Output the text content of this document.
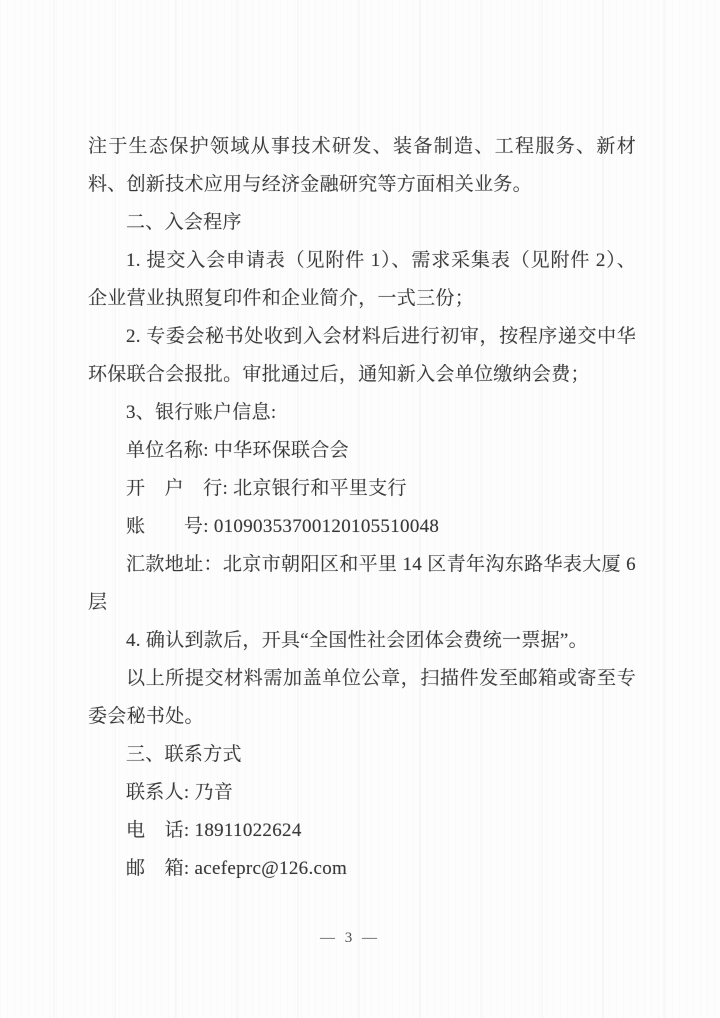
注于生态保护领域从事技术研发、装备制造、工程服务、新材料、创新技术应用与经济金融研究等方面相关业务。

二、入会程序

1. 提交入会申请表（见附件 1）、需求采集表（见附件 2）、企业营业执照复印件和企业简介，一式三份；

2. 专委会秘书处收到入会材料后进行初审，按程序递交中华环保联合会报批。审批通过后，通知新入会单位缴纳会费；

3、银行账户信息:

单位名称: 中华环保联合会

开　户　行: 北京银行和平里支行

账　　号: 01090353700120105510048

汇款地址：北京市朝阳区和平里 14 区青年沟东路华表大厦 6 层

4. 确认到款后，开具“全国性社会团体会费统一票据”。

以上所提交材料需加盖单位公章，扫描件发至邮箱或寄至专委会秘书处。

三、联系方式

联系人: 乃音

电　话: 18911022624

邮　箱: acefeprc@126.com

— 3 —
